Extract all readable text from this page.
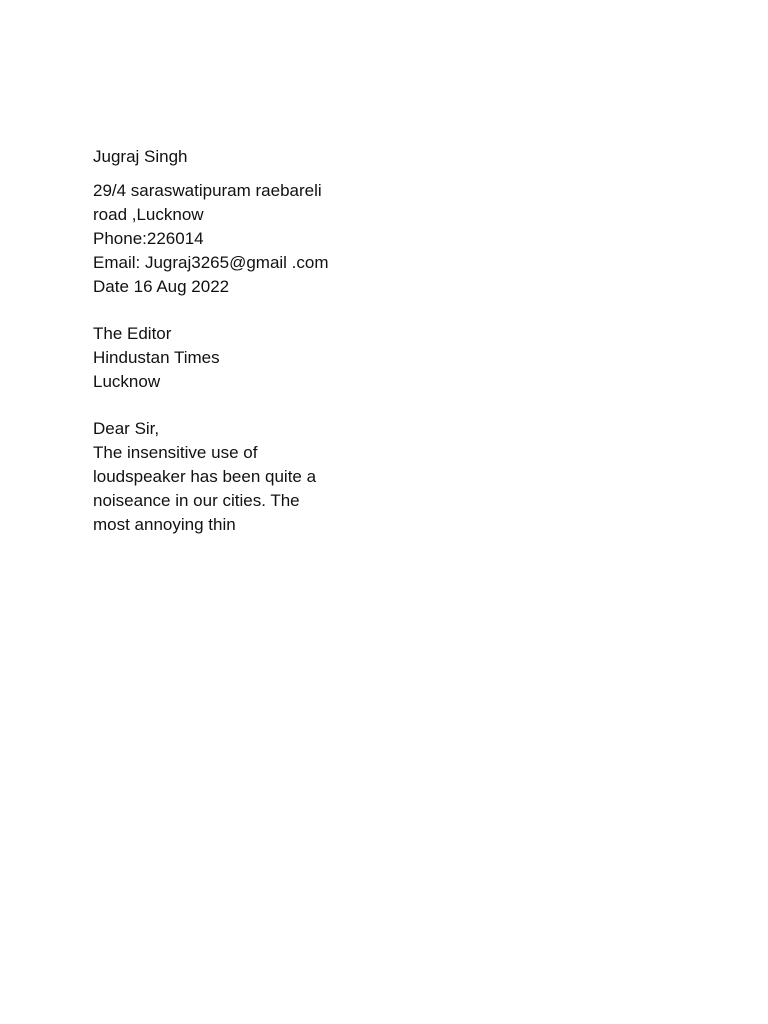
Jugraj Singh
29/4 saraswatipuram raebareli
road ,Lucknow
Phone:226014
Email: Jugraj3265@gmail .com
Date 16 Aug 2022
The Editor
Hindustan Times
Lucknow
Dear Sir,
The insensitive use of
loudspeaker has been quite a
noiseance in our cities. The
most annoying thin
